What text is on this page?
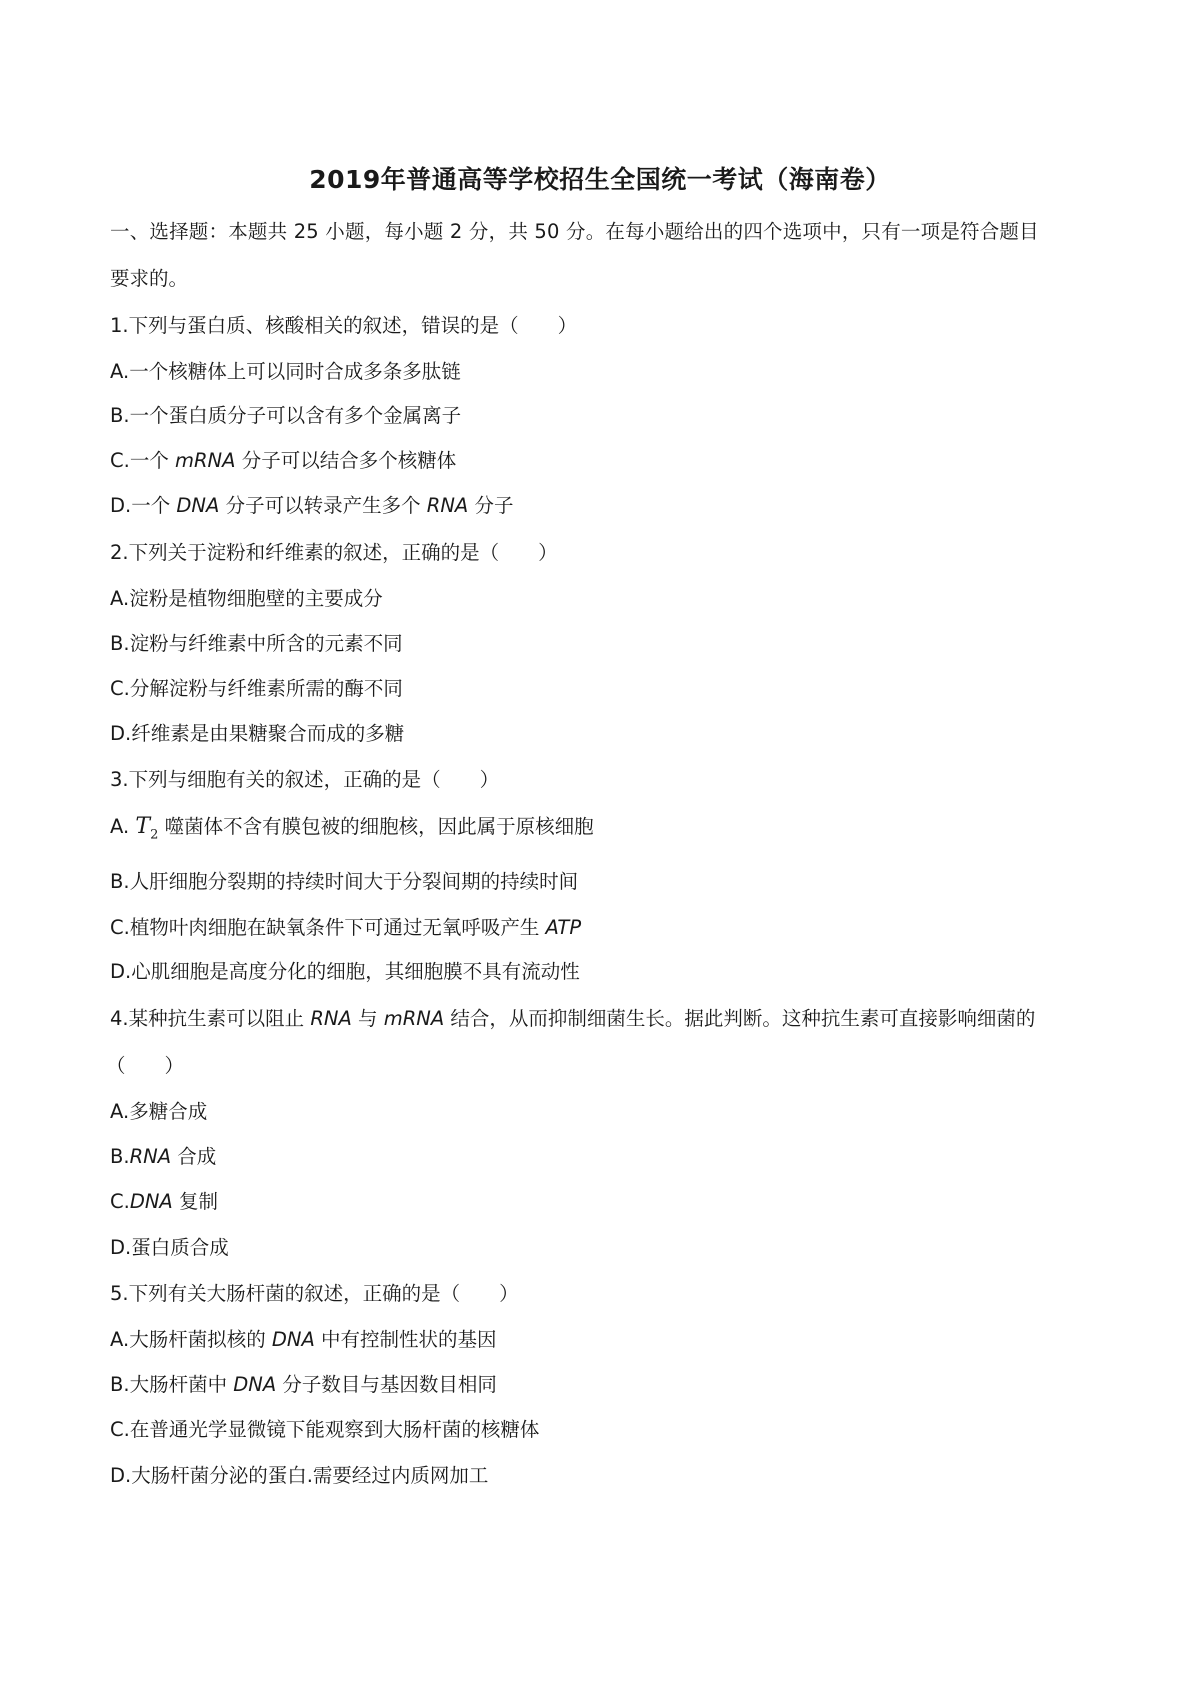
2019年普通高等学校招生全国统一考试（海南卷）
一、选择题：本题共 25 小题，每小题 2 分，共 50 分。在每小题给出的四个选项中，只有一项是符合题目
要求的。
1.下列与蛋白质、核酸相关的叙述，错误的是（　　）
A.一个核糖体上可以同时合成多条多肽链
B.一个蛋白质分子可以含有多个金属离子
C.一个 mRNA 分子可以结合多个核糖体
D.一个 DNA 分子可以转录产生多个 RNA 分子
2.下列关于淀粉和纤维素的叙述，正确的是（　　）
A.淀粉是植物细胞壁的主要成分
B.淀粉与纤维素中所含的元素不同
C.分解淀粉与纤维素所需的酶不同
D.纤维素是由果糖聚合而成的多糖
3.下列与细胞有关的叙述，正确的是（　　）
A. $T_2$ 噬菌体不含有膜包被的细胞核，因此属于原核细胞
B.人肝细胞分裂期的持续时间大于分裂间期的持续时间
C.植物叶肉细胞在缺氧条件下可通过无氧呼吸产生 ATP
D.心肌细胞是高度分化的细胞，其细胞膜不具有流动性
4.某种抗生素可以阻止 RNA 与 mRNA 结合，从而抑制细菌生长。据此判断。这种抗生素可直接影响细菌的
（　　）
A.多糖合成
B.RNA 合成
C.DNA 复制
D.蛋白质合成
5.下列有关大肠杆菌的叙述，正确的是（　　）
A.大肠杆菌拟核的 DNA 中有控制性状的基因
B.大肠杆菌中 DNA 分子数目与基因数目相同
C.在普通光学显微镜下能观察到大肠杆菌的核糖体
D.大肠杆菌分泌的蛋白.需要经过内质网加工
